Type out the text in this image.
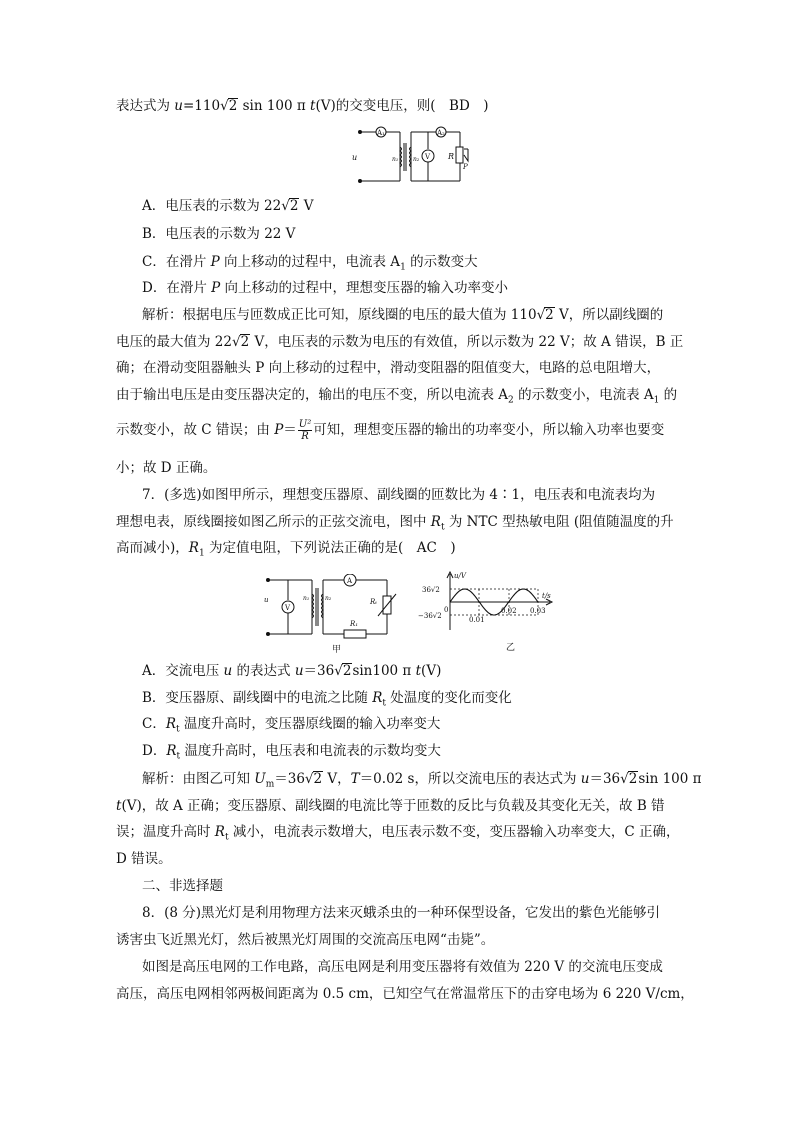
表达式为 u=110√2 sin 100 π t(V)的交变电压，则(　BD　)
A₁	A₂
V
u	n₁ n₂	R
P
A．电压表的示数为 22√2 V
B．电压表的示数为 22 V
C．在滑片 P 向上移动的过程中，电流表 $A_1$ 的示数变大
D．在滑片 P 向上移动的过程中，理想变压器的输入功率变小
解析：根据电压与匝数成正比可知，原线圈的电压的最大值为 110√2 V，所以副线圈的
电压的最大值为 22√2 V，电压表的示数为电压的有效值，所以示数为 22 V；故 A 错误，B 正
确；在滑动变阻器触头 P 向上移动的过程中，滑动变阻器的阻值变大，电路的总电阻增大，
由于输出电压是由变压器决定的，输出的电压不变，所以电流表 $A_2$ 的示数变小，电流表 $A_1$ 的
示数变小，故 C 错误；由 $P= \frac{\text{U²}}{R}$ 可知，理想变压器的输出的功率变小，所以输入功率也要变
小；故 D 正确。
7．(多选)如图甲所示，理想变压器原、副线圈的匝数比为 4∶1，电压表和电流表均为
理想电表，原线圈接如图乙所示的正弦交流电，图中 $R_t$ 为 NTC 型热敏电阻 (阻值随温度的升
高而减小)，$R_1$ 为定值电阻，下列说法正确的是(　AC　)
V
A
u	n₁	n₂	Rₜ
R₁
甲
u/V
t/s
36√2
−36√2
0
0.01
0.02 0.03
乙
A．交流电压 u 的表达式 u＝36√2sin100 π t(V)
B．变压器原、副线圈中的电流之比随 $R_t$ 处温度的变化而变化
C．$R_t$ 温度升高时，变压器原线圈的输入功率变大
D．$R_t$ 温度升高时，电压表和电流表的示数均变大
解析：由图乙可知 $U_m=36√2$ V，T＝0.02 s，所以交流电压的表达式为 u＝36√2sin 100 π
t(V)，故 A 正确；变压器原、副线圈的电流比等于匝数的反比与负载及其变化无关，故 B 错
误；温度升高时 $R_t$ 减小，电流表示数增大，电压表示数不变，变压器输入功率变大，C 正确，
D 错误。
二、非选择题
8．(8 分)黑光灯是利用物理方法来灭蛾杀虫的一种环保型设备，它发出的紫色光能够引
诱害虫飞近黑光灯，然后被黑光灯周围的交流高压电网“击毙”。
如图是高压电网的工作电路，高压电网是利用变压器将有效值为 220 V 的交流电压变成
高压，高压电网相邻两极间距离为 0.5 cm，已知空气在常温常压下的击穿电场为 6 220 V/cm，
